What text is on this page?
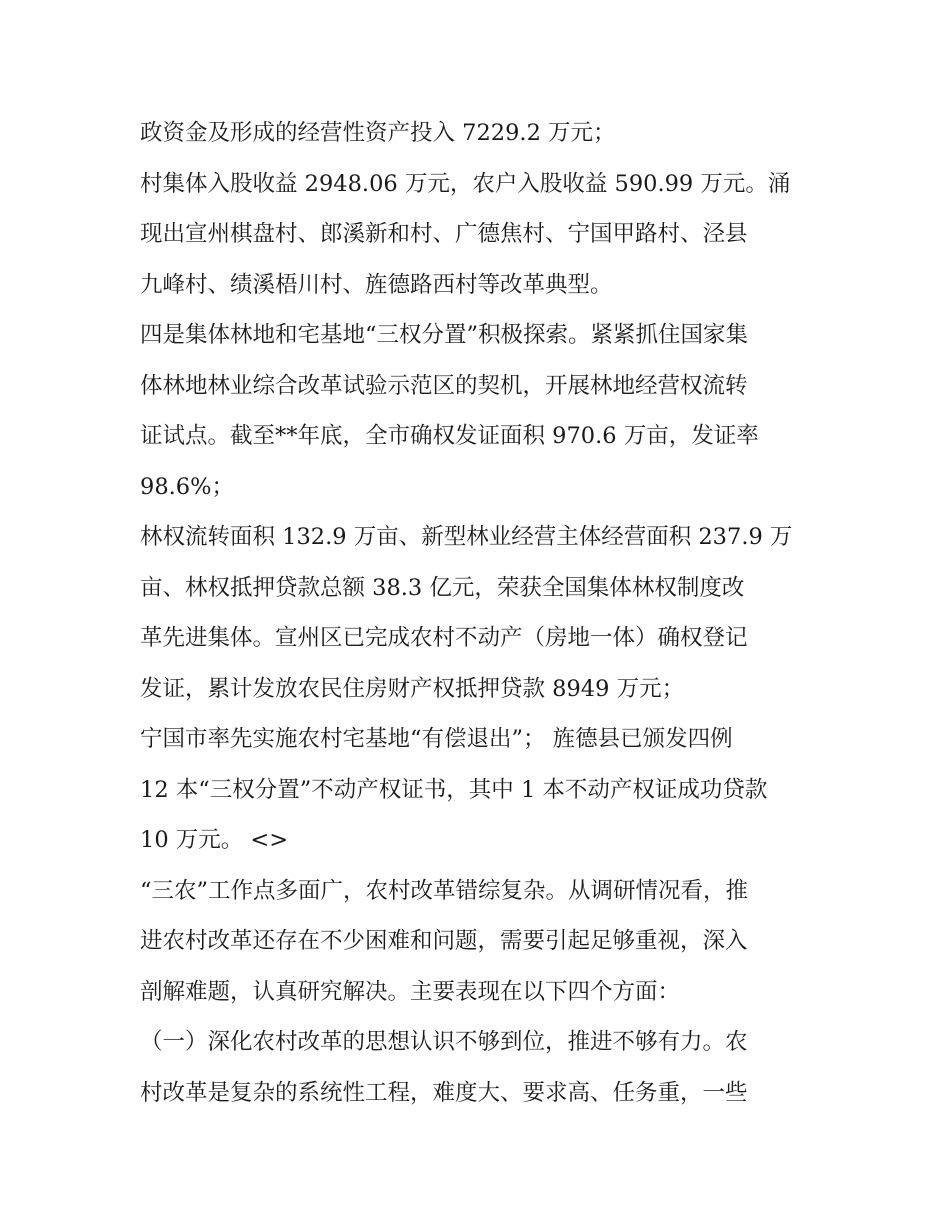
政资金及形成的经营性资产投入 7229.2 万元；
村集体入股收益 2948.06 万元，农户入股收益 590.99 万元。涌
现出宣州棋盘村、郎溪新和村、广德焦村、宁国甲路村、泾县
九峰村、绩溪梧川村、旌德路西村等改革典型。
四是集体林地和宅基地“三权分置”积极探索。紧紧抓住国家集
体林地林业综合改革试验示范区的契机，开展林地经营权流转
证试点。截至**年底，全市确权发证面积 970.6 万亩，发证率
98.6%；
林权流转面积 132.9 万亩、新型林业经营主体经营面积 237.9 万
亩、林权抵押贷款总额 38.3 亿元，荣获全国集体林权制度改
革先进集体。宣州区已完成农村不动产（房地一体）确权登记
发证，累计发放农民住房财产权抵押贷款 8949 万元；
宁国市率先实施农村宅基地“有偿退出”； 旌德县已颁发四例
12 本“三权分置”不动产权证书，其中 1 本不动产权证成功贷款
10 万元。 <>
“三农”工作点多面广，农村改革错综复杂。从调研情况看，推
进农村改革还存在不少困难和问题，需要引起足够重视，深入
剖解难题，认真研究解决。主要表现在以下四个方面：
（一）深化农村改革的思想认识不够到位，推进不够有力。农
村改革是复杂的系统性工程，难度大、要求高、任务重，一些
